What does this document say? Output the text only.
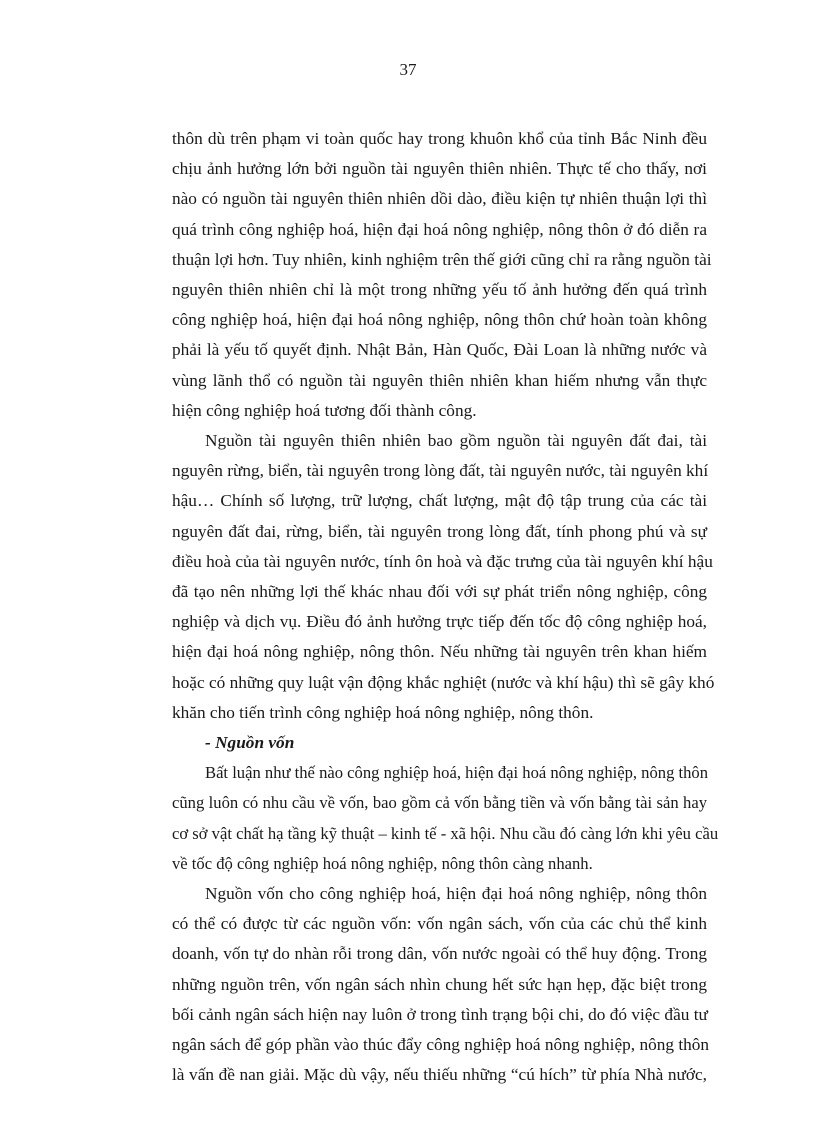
37
thôn dù trên phạm vi toàn quốc hay trong khuôn khổ của tỉnh Bắc Ninh đều
chịu ảnh hưởng lớn bởi nguồn tài nguyên thiên nhiên. Thực tế cho thấy, nơi
nào có nguồn tài nguyên thiên nhiên dồi dào, điều kiện tự nhiên thuận lợi thì
quá trình công nghiệp hoá, hiện đại hoá nông nghiệp, nông thôn ở đó diễn ra
thuận lợi hơn. Tuy nhiên, kinh nghiệm trên thế giới cũng chỉ ra rằng nguồn tài
nguyên thiên nhiên chỉ là một trong những yếu tố ảnh hưởng đến quá trình
công nghiệp hoá, hiện đại hoá nông nghiệp, nông thôn chứ hoàn toàn không
phải là yếu tố quyết định. Nhật Bản, Hàn Quốc, Đài Loan là những nước và
vùng lãnh thổ có nguồn tài nguyên thiên nhiên khan hiếm nhưng vẫn thực
hiện công nghiệp hoá tương đối thành công.
Nguồn tài nguyên thiên nhiên bao gồm nguồn tài nguyên đất đai, tài
nguyên rừng, biển, tài nguyên trong lòng đất, tài nguyên nước, tài nguyên khí
hậu… Chính số lượng, trữ lượng, chất lượng, mật độ tập trung của các tài
nguyên đất đai, rừng, biển, tài nguyên trong lòng đất, tính phong phú và sự
điều hoà của tài nguyên nước, tính ôn hoà và đặc trưng của tài nguyên khí hậu
đã tạo nên những lợi thế khác nhau đối với sự phát triển nông nghiệp, công
nghiệp và dịch vụ. Điều đó ảnh hưởng trực tiếp đến tốc độ công nghiệp hoá,
hiện đại hoá nông nghiệp, nông thôn. Nếu những tài nguyên trên khan hiếm
hoặc có những quy luật vận động khắc nghiệt (nước và khí hậu) thì sẽ gây khó
khăn cho tiến trình công nghiệp hoá nông nghiệp, nông thôn.

- Nguồn vốn

Bất luận như thế nào công nghiệp hoá, hiện đại hoá nông nghiệp, nông thôn
cũng luôn có nhu cầu về vốn, bao gồm cả vốn bằng tiền và vốn bằng tài sản hay
cơ sở vật chất hạ tầng kỹ thuật – kinh tế - xã hội. Nhu cầu đó càng lớn khi yêu cầu
về tốc độ công nghiệp hoá nông nghiệp, nông thôn càng nhanh.
Nguồn vốn cho công nghiệp hoá, hiện đại hoá nông nghiệp, nông thôn
có thể có được từ các nguồn vốn: vốn ngân sách, vốn của các chủ thể kinh
doanh, vốn tự do nhàn rỗi trong dân, vốn nước ngoài có thể huy động. Trong
những nguồn trên, vốn ngân sách nhìn chung hết sức hạn hẹp, đặc biệt trong
bối cảnh ngân sách hiện nay luôn ở trong tình trạng bội chi, do đó việc đầu tư
ngân sách để góp phần vào thúc đẩy công nghiệp hoá nông nghiệp, nông thôn
là vấn đề nan giải. Mặc dù vậy, nếu thiếu những “cú hích” từ phía Nhà nước,
